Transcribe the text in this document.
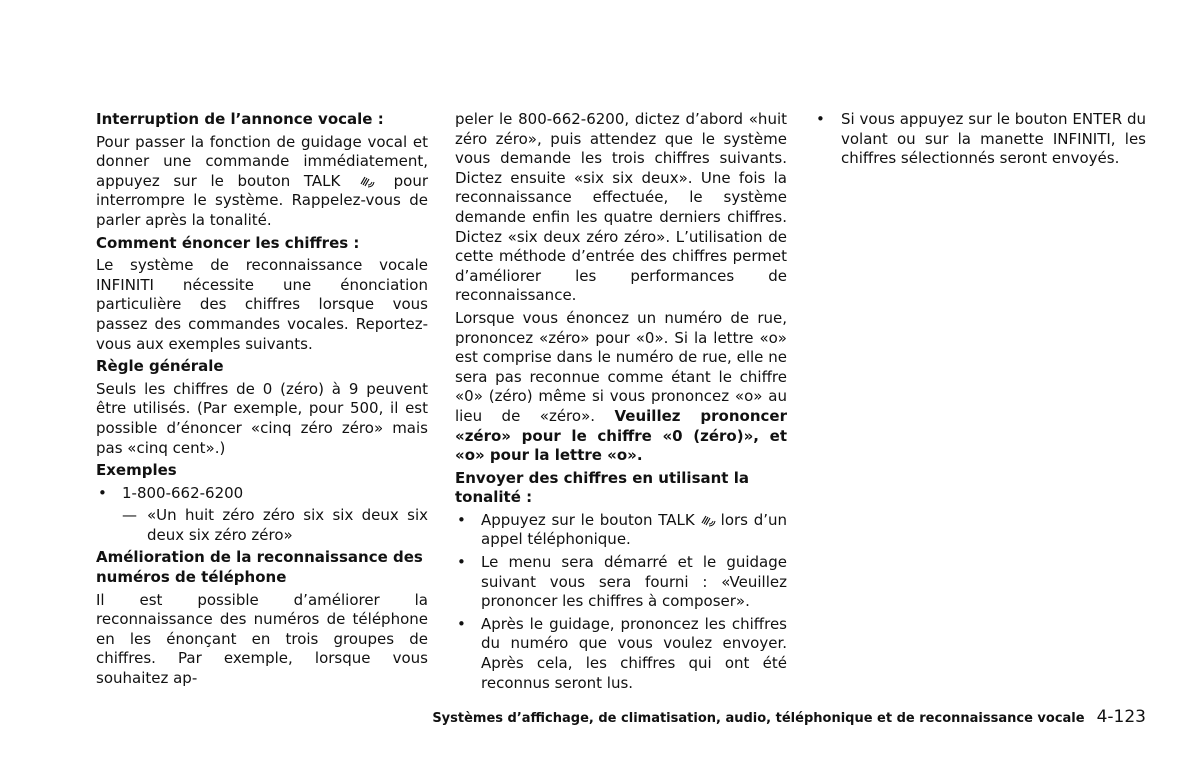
Interruption de l’annonce vocale :
Pour passer la fonction de guidage vocal et donner une commande immédiatement, appuyez sur le bouton TALK	pour interrompre le système. Rappelez-vous de parler après la tonalité.
Comment énoncer les chiffres :
Le système de reconnaissance vocale INFINITI nécessite une énonciation particulière des chiffres lorsque vous passez des commandes vocales. Reportez-vous aux exemples suivants.
Règle générale
Seuls les chiffres de 0 (zéro) à 9 peuvent être utilisés. (Par exemple, pour 500, il est possible d’énoncer «cinq zéro zéro» mais pas «cinq cent».)
Exemples
• 1-800-662-6200
— «Un huit zéro zéro six six deux six deux six zéro zéro»
Amélioration de la reconnaissance des numéros de téléphone
Il est possible d’améliorer la reconnaissance des numéros de téléphone en les énonçant en trois groupes de chiffres. Par exemple, lorsque vous souhaitez ap-
peler le 800-662-6200, dictez d’abord «huit zéro zéro», puis attendez que le système vous demande les trois chiffres suivants. Dictez ensuite «six six deux». Une fois la reconnaissance effectuée, le système demande enfin les quatre derniers chiffres. Dictez «six deux zéro zéro». L’utilisation de cette méthode d’entrée des chiffres permet d’améliorer les performances de reconnaissance.
Lorsque vous énoncez un numéro de rue, prononcez «zéro» pour «0». Si la lettre «o» est comprise dans le numéro de rue, elle ne sera pas reconnue comme étant le chiffre «0» (zéro) même si vous prononcez «o» au lieu de «zéro». Veuillez prononcer «zéro» pour le chiffre «0 (zéro)», et «o» pour la lettre «o».
Envoyer des chiffres en utilisant la tonalité :
• Appuyez sur le bouton TALK lors d’un appel téléphonique.
• Le menu sera démarré et le guidage suivant vous sera fourni : «Veuillez prononcer les chiffres à composer».
• Après le guidage, prononcez les chiffres du numéro que vous voulez envoyer. Après cela, les chiffres qui ont été reconnus seront lus.
• Si vous appuyez sur le bouton ENTER du volant ou sur la manette INFINITI, les chiffres sélectionnés seront envoyés.
Systèmes d’affichage, de climatisation, audio, téléphonique et de reconnaissance vocale 4-123
